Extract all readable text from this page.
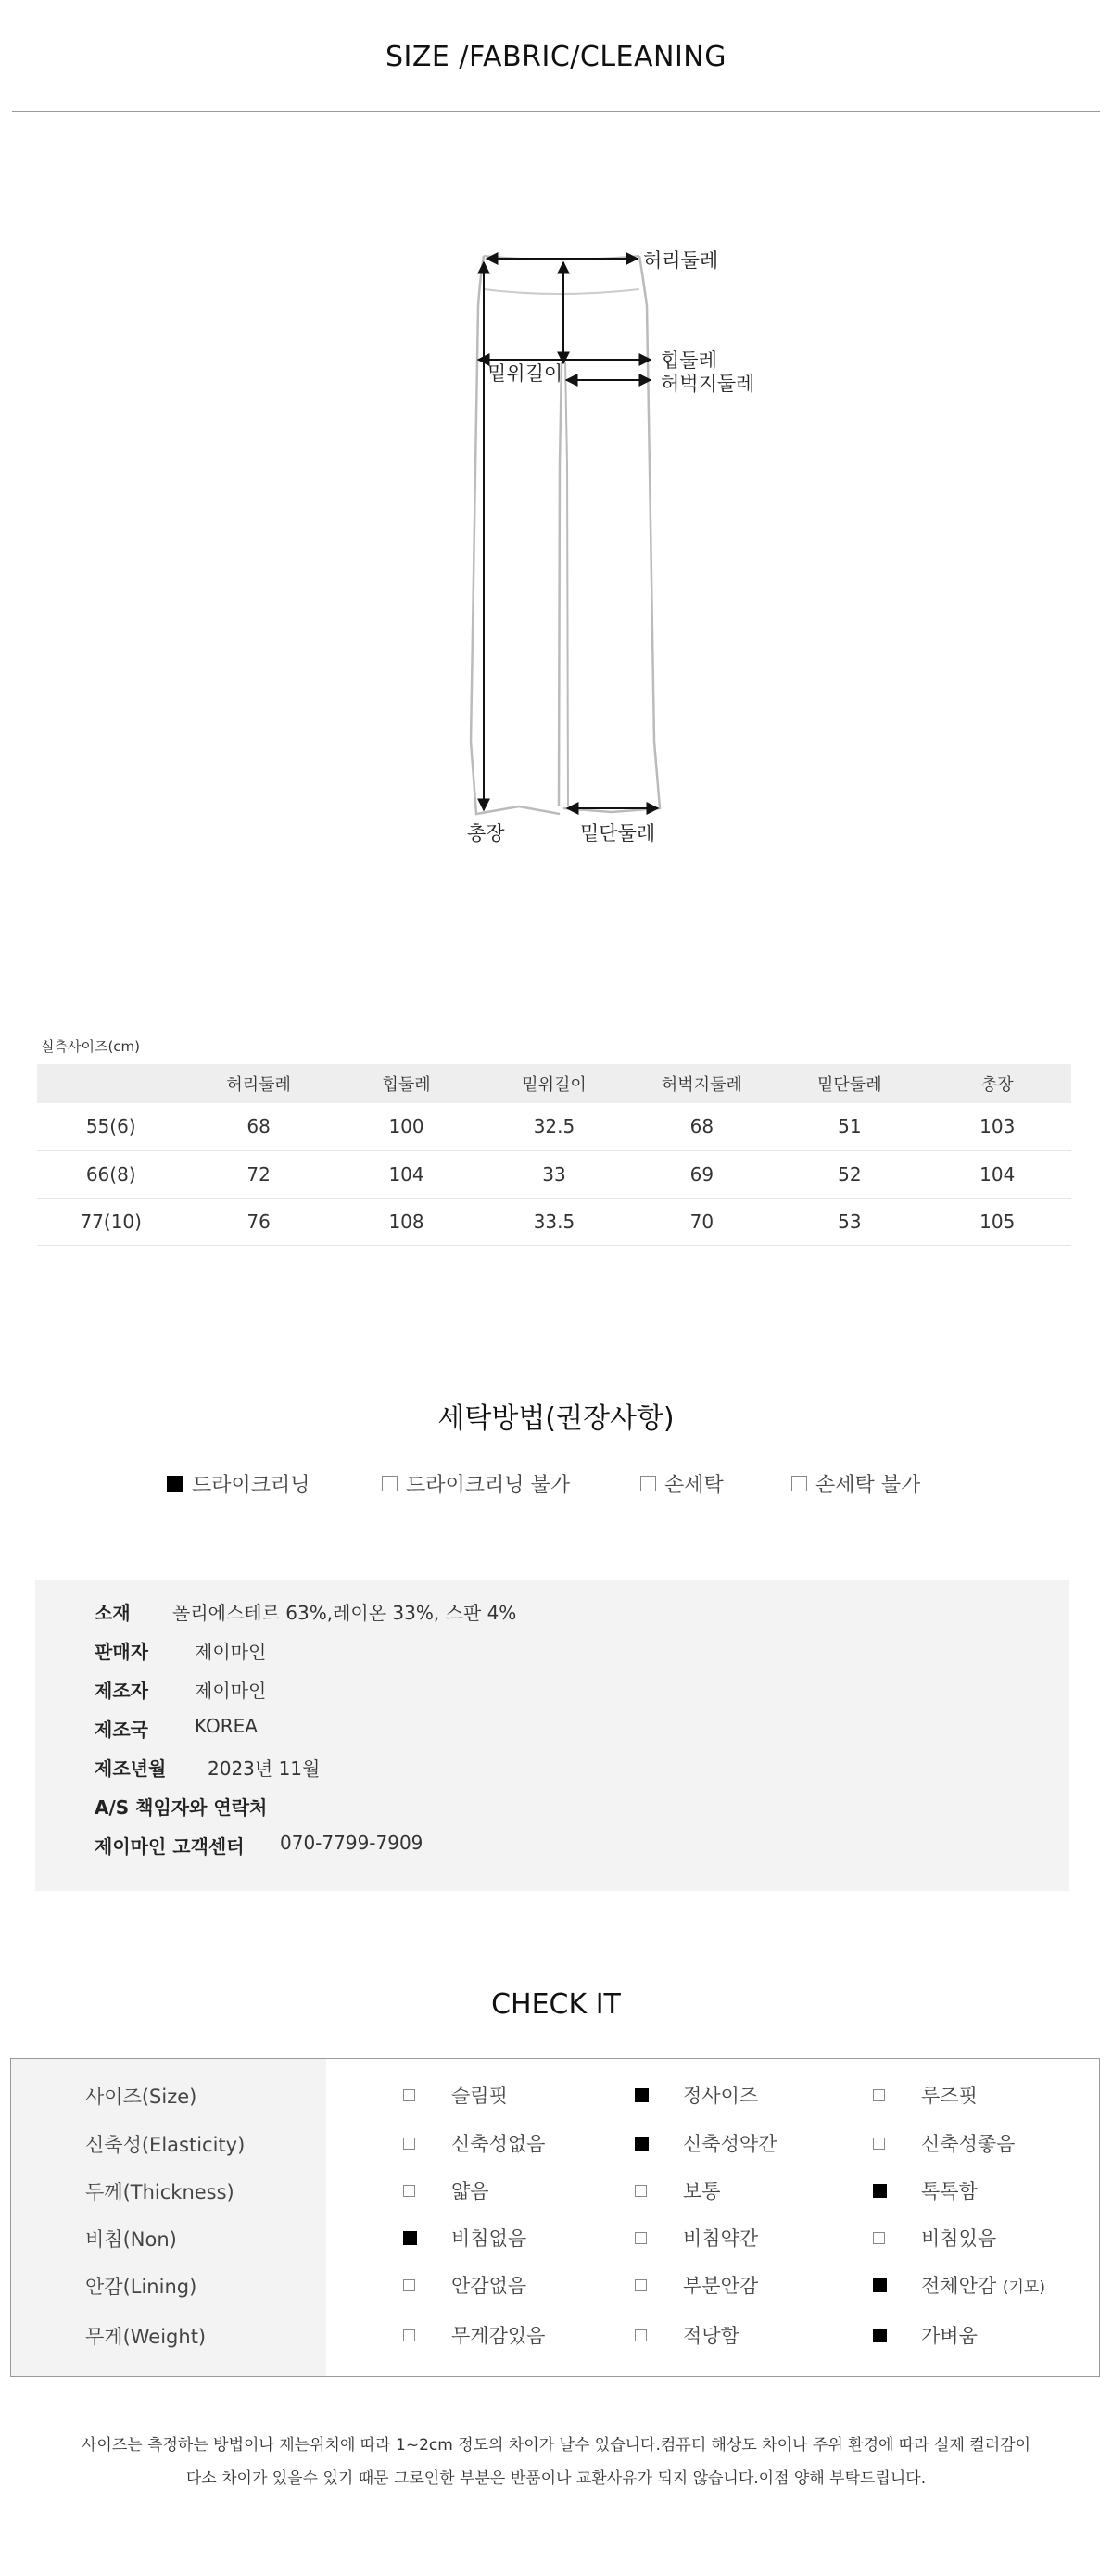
SIZE /FABRIC/CLEANING
허리둘레
힙둘레
허벅지둘레
밑위길이
총장	밑단둘레
실측사이즈(cm)
	허리둘레	힙둘레	밑위길이	허벅지둘레	밑단둘레	총장
55(6)	68	100	32.5	68	51	103
66(8)	72	104	33	69	52	104
77(10)	76	108	33.5	70	53	105
세탁방법(권장사항)
드라이크리닝	드라이크리닝 불가	손세탁	손세탁 불가
소재 폴리에스테르 63%,레이온 33%, 스판 4%
판매자	제이마인
제조자	제이마인
제조국	KOREA
제조년월 2023년 11월
A/S 책임자와 연락처
제이마인 고객센터 070-7799-7909
CHECK IT
사이즈(Size)	슬림핏	정사이즈	루즈핏
신축성(Elasticity)	신축성없음	신축성약간	신축성좋음
두께(Thickness)	얇음	보통	톡톡함
비침(Non)	비침없음	비침약간	비침있음
안감(Lining)	안감없음	부분안감	전체안감 (기모)
무게(Weight)	무게감있음	적당함	가벼움
사이즈는 측정하는 방법이나 재는위치에 따라 1~2cm 정도의 차이가 날수 있습니다.컴퓨터 해상도 차이나 주위 환경에 따라 실제 컬러감이
다소 차이가 있을수 있기 때문 그로인한 부분은 반품이나 교환사유가 되지 않습니다.이점 양해 부탁드립니다.
